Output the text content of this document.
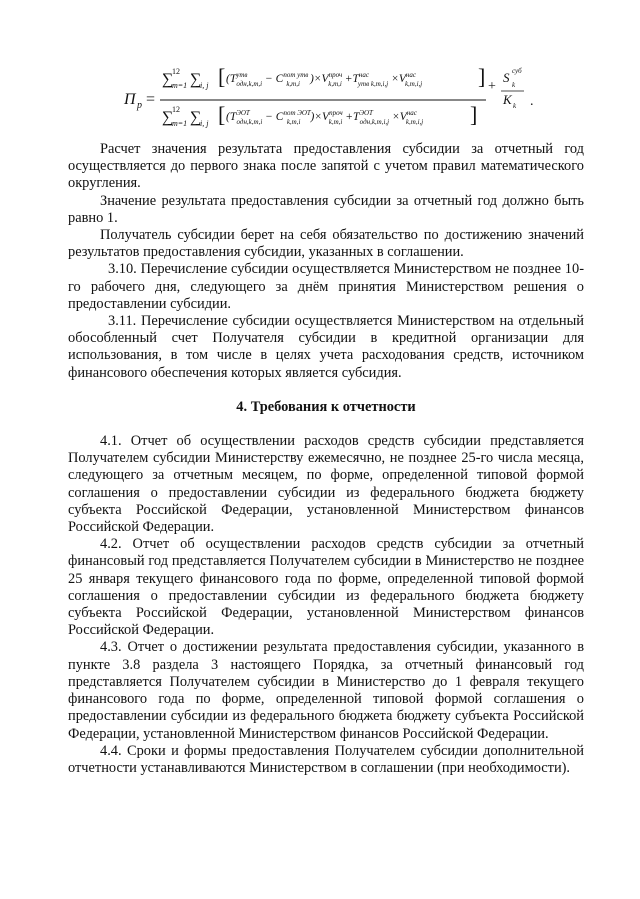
П р =
∑
12
m=1 ∑
i, j [ ($T^{утв}$ $одн,k,m,i - C^{пот утв}$ k,m,i )$\times V^{проч}$ $k,m,i +T^{нас}$ утв $k,m,i,j \times V^{нас}$ k,m,i,j	]
∑
12
m=1 ∑
i, j [ ($T^{ЭОТ}$ $одн,k,m,i - C^{пот ЭОТ}$ k,m,i )$\times V^{проч}$ $k,m,i +T^{ЭОТ}$ $одн,k,m,i,j \times V^{нас}$ k,m,i,j ]
+
S суб
k
K k .

Расчет значения результата предоставления субсидии за отчетный год осуществляется до первого знака после запятой с учетом правил математического округления.

Значение результата предоставления субсидии за отчетный год должно быть равно 1.

Получатель субсидии берет на себя обязательство по достижению значений результатов предоставления субсидии, указанных в соглашении.

3.10. Перечисление субсидии осуществляется Министерством не позднее 10-го рабочего дня, следующего за днём принятия Министерством решения о предоставлении субсидии.

3.11. Перечисление субсидии осуществляется Министерством на отдельный обособленный счет Получателя субсидии в кредитной организации для использования, в том числе в целях учета расходования средств, источником финансового обеспечения которых является субсидия.

4. Требования к отчетности

4.1. Отчет об осуществлении расходов средств субсидии представляется Получателем субсидии Министерству ежемесячно, не позднее 25-го числа месяца, следующего за отчетным месяцем, по форме, определенной типовой формой соглашения о предоставлении субсидии из федерального бюджета бюджету субъекта Российской Федерации, установленной Министерством финансов Российской Федерации.

4.2. Отчет об осуществлении расходов средств субсидии за отчетный финансовый год представляется Получателем субсидии в Министерство не позднее 25 января текущего финансового года по форме, определенной типовой формой соглашения о предоставлении субсидии из федерального бюджета бюджету субъекта Российской Федерации, установленной Министерством финансов Российской Федерации.

4.3. Отчет о достижении результата предоставления субсидии, указанного в пункте 3.8 раздела 3 настоящего Порядка, за отчетный финансовый год представляется Получателем субсидии в Министерство до 1 февраля текущего финансового года по форме, определенной типовой формой соглашения о предоставлении субсидии из федерального бюджета бюджету субъекта Российской Федерации, установленной Министерством финансов Российской Федерации.

4.4. Сроки и формы предоставления Получателем субсидии дополнительной отчетности устанавливаются Министерством в соглашении (при необходимости).
